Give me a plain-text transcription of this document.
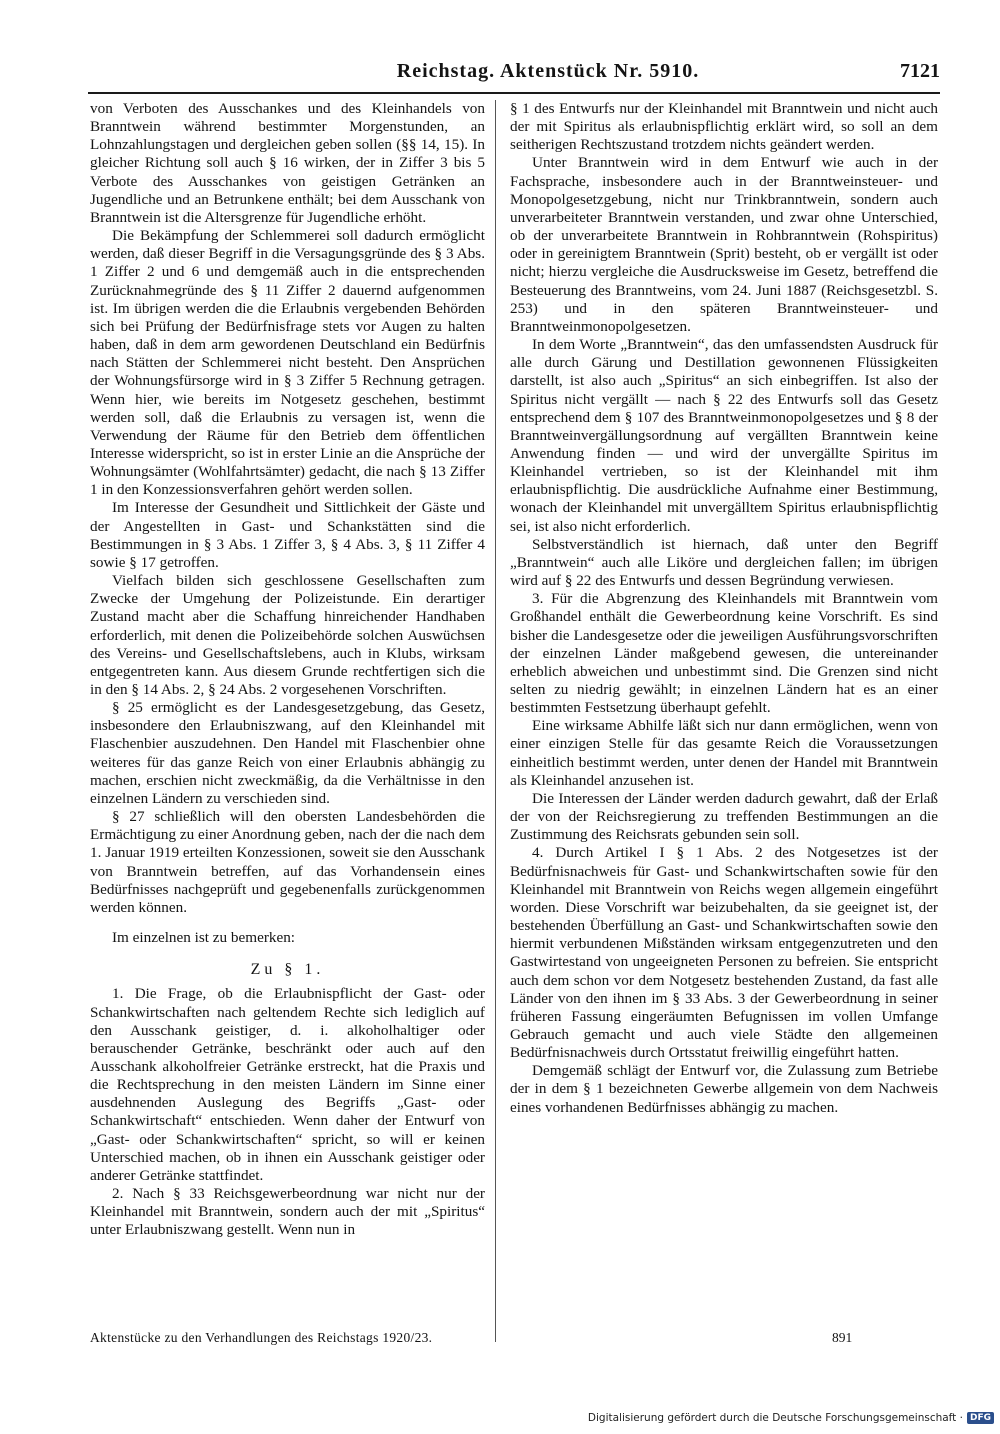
Reichstag. Aktenstück Nr. 5910.	7121

von Verboten des Ausschankes und des Kleinhandels von Branntwein während bestimmter Morgenstunden, an Lohnzahlungstagen und dergleichen geben sollen (§§ 14, 15). In gleicher Richtung soll auch § 16 wirken, der in Ziffer 3 bis 5 Verbote des Ausschankes von geistigen Getränken an Jugendliche und an Betrunkene enthält; bei dem Ausschank von Branntwein ist die Altersgrenze für Jugendliche erhöht.

Die Bekämpfung der Schlemmerei soll dadurch ermöglicht werden, daß dieser Begriff in die Versagungsgründe des § 3 Abs. 1 Ziffer 2 und 6 und demgemäß auch in die entsprechenden Zurücknahmegründe des § 11 Ziffer 2 dauernd aufgenommen ist. Im übrigen werden die die Erlaubnis vergebenden Behörden sich bei Prüfung der Bedürfnisfrage stets vor Augen zu halten haben, daß in dem arm gewordenen Deutschland ein Bedürfnis nach Stätten der Schlemmerei nicht besteht. Den Ansprüchen der Wohnungsfürsorge wird in § 3 Ziffer 5 Rechnung getragen. Wenn hier, wie bereits im Notgesetz geschehen, bestimmt werden soll, daß die Erlaubnis zu versagen ist, wenn die Verwendung der Räume für den Betrieb dem öffentlichen Interesse widerspricht, so ist in erster Linie an die Ansprüche der Wohnungsämter (Wohlfahrtsämter) gedacht, die nach § 13 Ziffer 1 in den Konzessionsverfahren gehört werden sollen.

Im Interesse der Gesundheit und Sittlichkeit der Gäste und der Angestellten in Gast- und Schankstätten sind die Bestimmungen in § 3 Abs. 1 Ziffer 3, § 4 Abs. 3, § 11 Ziffer 4 sowie § 17 getroffen.

Vielfach bilden sich geschlossene Gesellschaften zum Zwecke der Umgehung der Polizeistunde. Ein derartiger Zustand macht aber die Schaffung hinreichender Handhaben erforderlich, mit denen die Polizeibehörde solchen Auswüchsen des Vereins- und Gesellschaftslebens, auch in Klubs, wirksam entgegentreten kann. Aus diesem Grunde rechtfertigen sich die in den § 14 Abs. 2, § 24 Abs. 2 vorgesehenen Vorschriften.

§ 25 ermöglicht es der Landesgesetzgebung, das Gesetz, insbesondere den Erlaubniszwang, auf den Kleinhandel mit Flaschenbier auszudehnen. Den Handel mit Flaschenbier ohne weiteres für das ganze Reich von einer Erlaubnis abhängig zu machen, erschien nicht zweckmäßig, da die Verhältnisse in den einzelnen Ländern zu verschieden sind.

§ 27 schließlich will den obersten Landesbehörden die Ermächtigung zu einer Anordnung geben, nach der die nach dem 1. Januar 1919 erteilten Konzessionen, soweit sie den Ausschank von Branntwein betreffen, auf das Vorhandensein eines Bedürfnisses nachgeprüft und gegebenenfalls zurückgenommen werden können.

Im einzelnen ist zu bemerken:

Zu § 1.

1. Die Frage, ob die Erlaubnispflicht der Gast- oder Schankwirtschaften nach geltendem Rechte sich lediglich auf den Ausschank geistiger, d. i. alkoholhaltiger oder berauschender Getränke, beschränkt oder auch auf den Ausschank alkoholfreier Getränke erstreckt, hat die Praxis und die Rechtsprechung in den meisten Ländern im Sinne einer ausdehnenden Auslegung des Begriffs „Gast- oder Schankwirtschaft“ entschieden. Wenn daher der Entwurf von „Gast- oder Schankwirtschaften“ spricht, so will er keinen Unterschied machen, ob in ihnen ein Ausschank geistiger oder anderer Getränke stattfindet.

2. Nach § 33 Reichsgewerbeordnung war nicht nur der Kleinhandel mit Branntwein, sondern auch der mit „Spiritus“ unter Erlaubniszwang gestellt. Wenn nun in

§ 1 des Entwurfs nur der Kleinhandel mit Branntwein und nicht auch der mit Spiritus als erlaubnispflichtig erklärt wird, so soll an dem seitherigen Rechtszustand trotzdem nichts geändert werden.

Unter Branntwein wird in dem Entwurf wie auch in der Fachsprache, insbesondere auch in der Branntweinsteuer- und Monopolgesetzgebung, nicht nur Trinkbranntwein, sondern auch unverarbeiteter Branntwein verstanden, und zwar ohne Unterschied, ob der unverarbeitete Branntwein in Rohbranntwein (Rohspiritus) oder in gereinigtem Branntwein (Sprit) besteht, ob er vergällt ist oder nicht; hierzu vergleiche die Ausdrucksweise im Gesetz, betreffend die Besteuerung des Branntweins, vom 24. Juni 1887 (Reichsgesetzbl. S. 253) und in den späteren Branntweinsteuer- und Branntweinmonopolgesetzen.

In dem Worte „Branntwein“, das den umfassendsten Ausdruck für alle durch Gärung und Destillation gewonnenen Flüssigkeiten darstellt, ist also auch „Spiritus“ an sich einbegriffen. Ist also der Spiritus nicht vergällt — nach § 22 des Entwurfs soll das Gesetz entsprechend dem § 107 des Branntweinmonopolgesetzes und § 8 der Branntweinvergällungsordnung auf vergällten Branntwein keine Anwendung finden — und wird der unvergällte Spiritus im Kleinhandel vertrieben, so ist der Kleinhandel mit ihm erlaubnispflichtig. Die ausdrückliche Aufnahme einer Bestimmung, wonach der Kleinhandel mit unvergälltem Spiritus erlaubnispflichtig sei, ist also nicht erforderlich.

Selbstverständlich ist hiernach, daß unter den Begriff „Branntwein“ auch alle Liköre und dergleichen fallen; im übrigen wird auf § 22 des Entwurfs und dessen Begründung verwiesen.

3. Für die Abgrenzung des Kleinhandels mit Branntwein vom Großhandel enthält die Gewerbeordnung keine Vorschrift. Es sind bisher die Landesgesetze oder die jeweiligen Ausführungsvorschriften der einzelnen Länder maßgebend gewesen, die untereinander erheblich abweichen und unbestimmt sind. Die Grenzen sind nicht selten zu niedrig gewählt; in einzelnen Ländern hat es an einer bestimmten Festsetzung überhaupt gefehlt.

Eine wirksame Abhilfe läßt sich nur dann ermöglichen, wenn von einer einzigen Stelle für das gesamte Reich die Voraussetzungen einheitlich bestimmt werden, unter denen der Handel mit Branntwein als Kleinhandel anzusehen ist.

Die Interessen der Länder werden dadurch gewahrt, daß der Erlaß der von der Reichsregierung zu treffenden Bestimmungen an die Zustimmung des Reichsrats gebunden sein soll.

4. Durch Artikel I § 1 Abs. 2 des Notgesetzes ist der Bedürfnisnachweis für Gast- und Schankwirtschaften sowie für den Kleinhandel mit Branntwein von Reichs wegen allgemein eingeführt worden. Diese Vorschrift war beizubehalten, da sie geeignet ist, der bestehenden Überfüllung an Gast- und Schankwirtschaften sowie den hiermit verbundenen Mißständen wirksam entgegenzutreten und den Gastwirtestand von ungeeigneten Personen zu befreien. Sie entspricht auch dem schon vor dem Notgesetz bestehenden Zustand, da fast alle Länder von den ihnen im § 33 Abs. 3 der Gewerbeordnung in seiner früheren Fassung eingeräumten Befugnissen im vollen Umfange Gebrauch gemacht und auch viele Städte den allgemeinen Bedürfnisnachweis durch Ortsstatut freiwillig eingeführt hatten.

Demgemäß schlägt der Entwurf vor, die Zulassung zum Betriebe der in dem § 1 bezeichneten Gewerbe allgemein von dem Nachweis eines vorhandenen Bedürfnisses abhängig zu machen.

Aktenstücke zu den Verhandlungen des Reichstags 1920/23.	891
Digitalisierung gefördert durch die Deutsche Forschungsgemeinschaft · DFG
